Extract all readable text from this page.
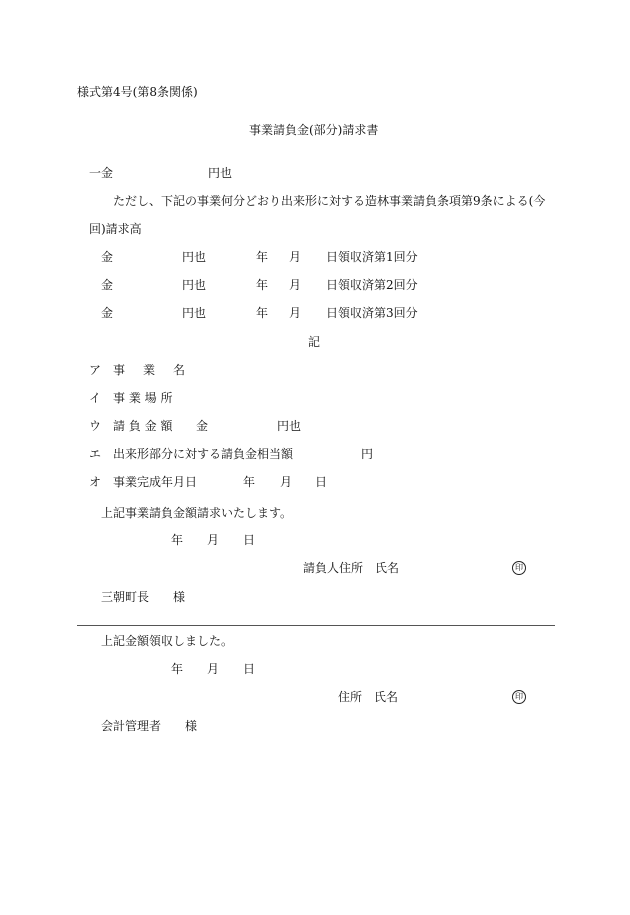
様式第4号(第8条関係)
事業請負金(部分)請求書
一金	円也
ただし、下記の事業何分どおり出来形に対する造林事業請負条項第9条による(今
回)請求高
金	円也	年 月 日領収済第1回分
金	円也	年 月 日領収済第2回分
金	円也	年 月 日領収済第3回分
記
ア 事　業　名
イ 事 業 場 所
ウ 請 負 金 額 金	円也
エ 出来形部分に対する請負金相当額	円
オ 事業完成年月日	年 月 日
上記事業請負金額請求いたします。
年 月 日
請負人住所　氏名	印
三朝町長　　様
上記金額領収しました。
年 月 日
住所　氏名	印
会計管理者　　様
